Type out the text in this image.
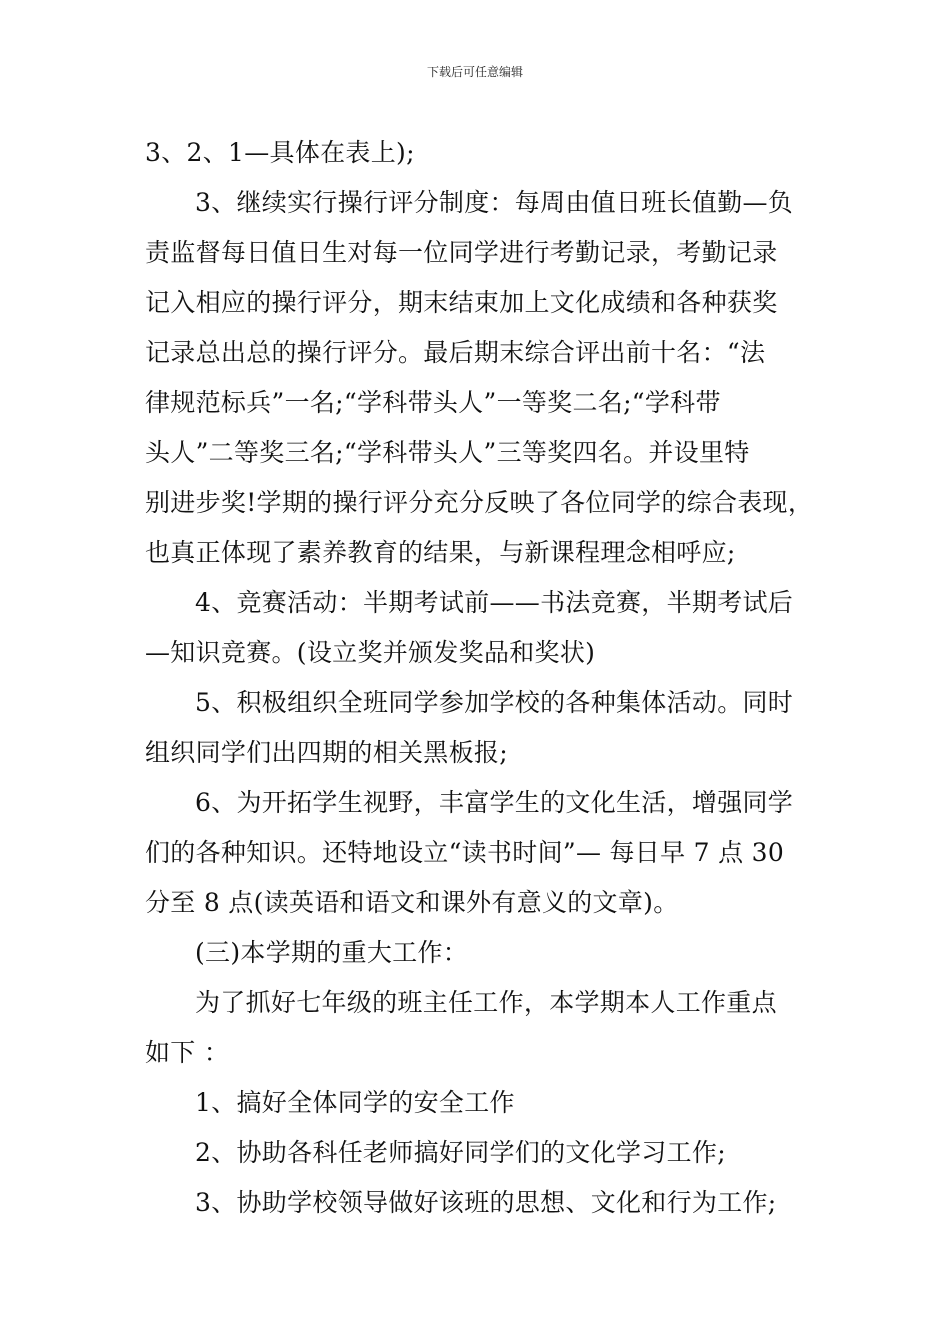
下载后可任意编辑
3、2、1—具体在表上);
3、继续实行操行评分制度：每周由值日班长值勤—负
责监督每日值日生对每一位同学进行考勤记录，考勤记录
记入相应的操行评分，期末结束加上文化成绩和各种获奖
记录总出总的操行评分。最后期末综合评出前十名：“法
律规范标兵”一名;“学科带头人”一等奖二名;“学科带
头人”二等奖三名;“学科带头人”三等奖四名。并设里特
别进步奖!学期的操行评分充分反映了各位同学的综合表现，
也真正体现了素养教育的结果，与新课程理念相呼应;
4、竞赛活动：半期考试前——书法竞赛，半期考试后
—知识竞赛。(设立奖并颁发奖品和奖状)
5、积极组织全班同学参加学校的各种集体活动。同时
组织同学们出四期的相关黑板报;
6、为开拓学生视野，丰富学生的文化生活，增强同学
们的各种知识。还特地设立“读书时间”— 每日早 7 点 30
分至 8 点(读英语和语文和课外有意义的文章)。
(三)本学期的重大工作：
为了抓好七年级的班主任工作，本学期本人工作重点
如下 ：
1、搞好全体同学的安全工作
2、协助各科任老师搞好同学们的文化学习工作;
3、协助学校领导做好该班的思想、文化和行为工作;
